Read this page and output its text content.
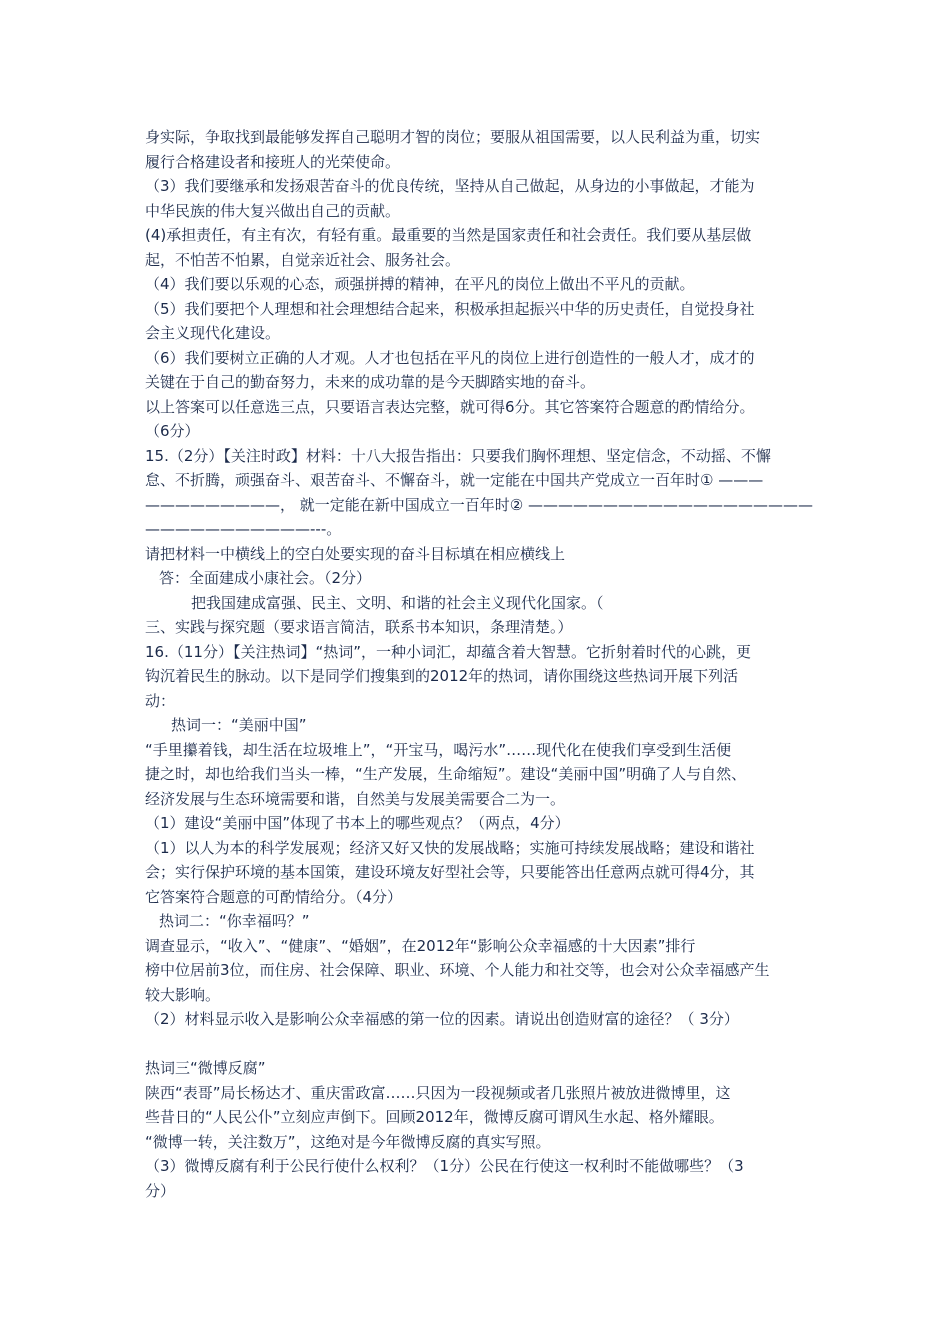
身实际，争取找到最能够发挥自己聪明才智的岗位；要服从祖国需要，以人民利益为重，切实
履行合格建设者和接班人的光荣使命。
（3）我们要继承和发扬艰苦奋斗的优良传统，坚持从自己做起，从身边的小事做起，才能为
中华民族的伟大复兴做出自己的贡献。
(4)承担责任，有主有次，有轻有重。最重要的当然是国家责任和社会责任。我们要从基层做
起，不怕苦不怕累，自觉亲近社会、服务社会。
（4）我们要以乐观的心态，顽强拼搏的精神，在平凡的岗位上做出不平凡的贡献。
（5）我们要把个人理想和社会理想结合起来，积极承担起振兴中华的历史责任，自觉投身社
会主义现代化建设。
（6）我们要树立正确的人才观。人才也包括在平凡的岗位上进行创造性的一般人才，成才的
关键在于自己的勤奋努力，未来的成功靠的是今天脚踏实地的奋斗。
以上答案可以任意选三点，只要语言表达完整，就可得6分。其它答案符合题意的酌情给分。
（6分）
15.（2分）【关注时政】材料：十八大报告指出：只要我们胸怀理想、坚定信念，不动摇、不懈
怠、不折腾，顽强奋斗、艰苦奋斗、不懈奋斗，就一定能在中国共产党成立一百年时① ———
—————————， 就一定能在新中国成立一百年时② ———————————————————
———————————---。
请把材料一中横线上的空白处要实现的奋斗目标填在相应横线上
答：全面建成小康社会。（2分）
把我国建成富强、民主、文明、和谐的社会主义现代化国家。（
三、实践与探究题（要求语言简洁，联系书本知识，条理清楚。）
16.（11分）【关注热词】“热词”，一种小词汇，却蕴含着大智慧。它折射着时代的心跳，更
钩沉着民生的脉动。以下是同学们搜集到的2012年的热词，请你围绕这些热词开展下列活
动：
热词一：“美丽中国”
“手里攥着钱，却生活在垃圾堆上”，“开宝马，喝污水”……现代化在使我们享受到生活便
捷之时，却也给我们当头一棒，“生产发展，生命缩短”。建设“美丽中国”明确了人与自然、
经济发展与生态环境需要和谐，自然美与发展美需要合二为一。
（1）建设“美丽中国”体现了书本上的哪些观点？（两点，4分）
（1）以人为本的科学发展观；经济又好又快的发展战略；实施可持续发展战略；建设和谐社
会；实行保护环境的基本国策，建设环境友好型社会等，只要能答出任意两点就可得4分，其
它答案符合题意的可酌情给分。（4分）
热词二：“你幸福吗？”
调查显示，“收入”、“健康”、“婚姻”，在2012年“影响公众幸福感的十大因素”排行
榜中位居前3位，而住房、社会保障、职业、环境、个人能力和社交等，也会对公众幸福感产生
较大影响。
（2）材料显示收入是影响公众幸福感的第一位的因素。请说出创造财富的途径？（ 3分）
热词三“微博反腐”
陕西“表哥”局长杨达才、重庆雷政富……只因为一段视频或者几张照片被放进微博里，这
些昔日的“人民公仆”立刻应声倒下。回顾2012年，微博反腐可谓风生水起、格外耀眼。
“微博一转，关注数万”，这绝对是今年微博反腐的真实写照。
（3）微博反腐有利于公民行使什么权利？（1分）公民在行使这一权利时不能做哪些？（3
分）
